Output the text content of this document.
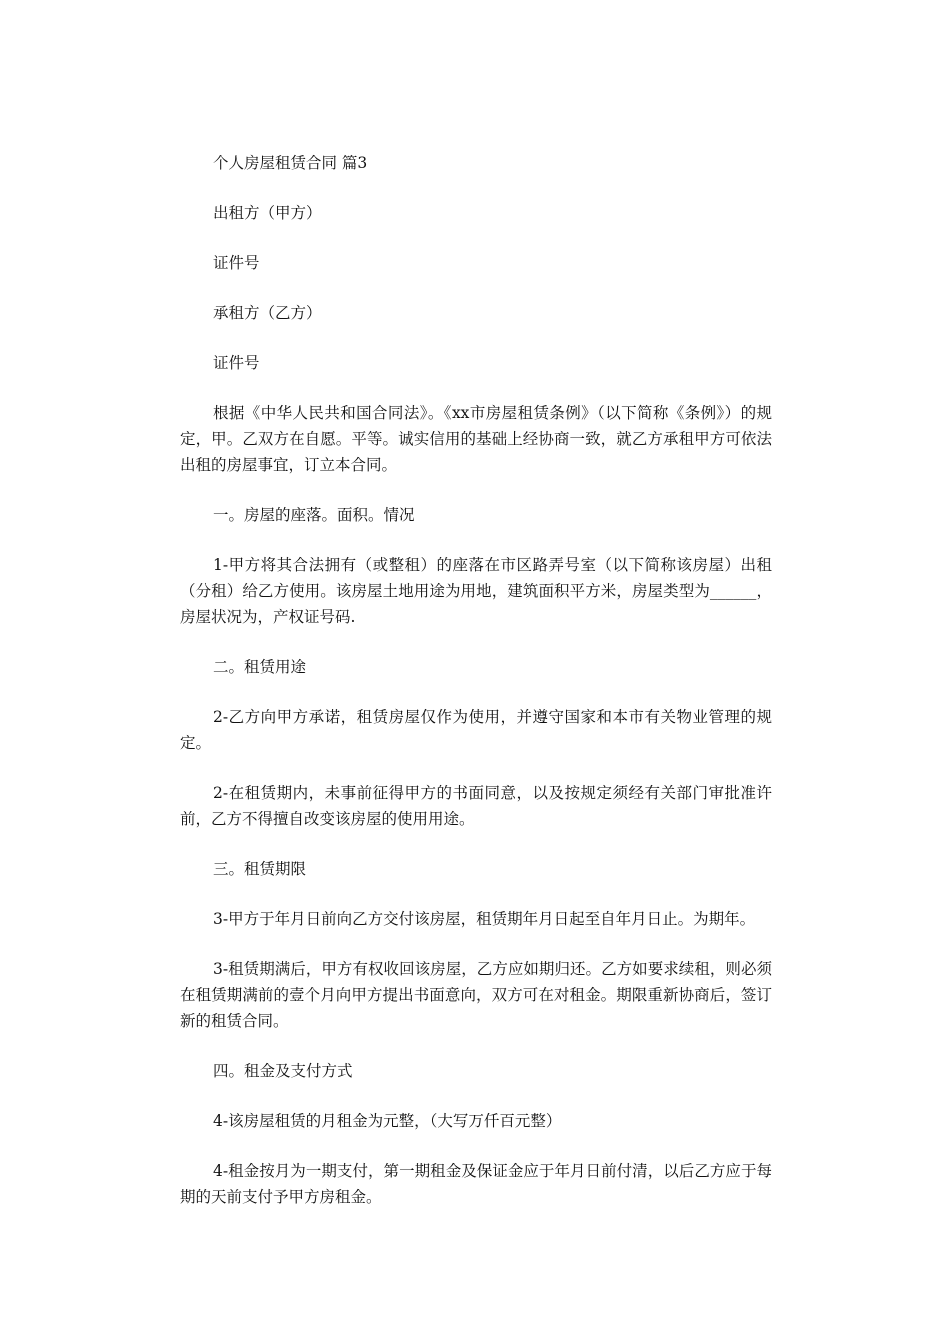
个人房屋租赁合同 篇3

出租方（甲方）

证件号

承租方（乙方）

证件号

根据《中华人民共和国合同法》。《xx市房屋租赁条例》（以下简称《条例》）的规定，甲。乙双方在自愿。平等。诚实信用的基础上经协商一致，就乙方承租甲方可依法出租的房屋事宜，订立本合同。

一。房屋的座落。面积。情况

1-甲方将其合法拥有（或整租）的座落在市区路弄号室（以下简称该房屋）出租（分租）给乙方使用。该房屋土地用途为用地，建筑面积平方米，房屋类型为______，房屋状况为，产权证号码.

二。租赁用途

2-乙方向甲方承诺，租赁房屋仅作为使用，并遵守国家和本市有关物业管理的规定。

2-在租赁期内，未事前征得甲方的书面同意，以及按规定须经有关部门审批准许前，乙方不得擅自改变该房屋的使用用途。

三。租赁期限

3-甲方于年月日前向乙方交付该房屋，租赁期年月日起至自年月日止。为期年。

3-租赁期满后，甲方有权收回该房屋，乙方应如期归还。乙方如要求续租，则必须在租赁期满前的壹个月向甲方提出书面意向，双方可在对租金。期限重新协商后，签订新的租赁合同。

四。租金及支付方式

4-该房屋租赁的月租金为元整，（大写万仟百元整）

4-租金按月为一期支付，第一期租金及保证金应于年月日前付清，以后乙方应于每期的天前支付予甲方房租金。
